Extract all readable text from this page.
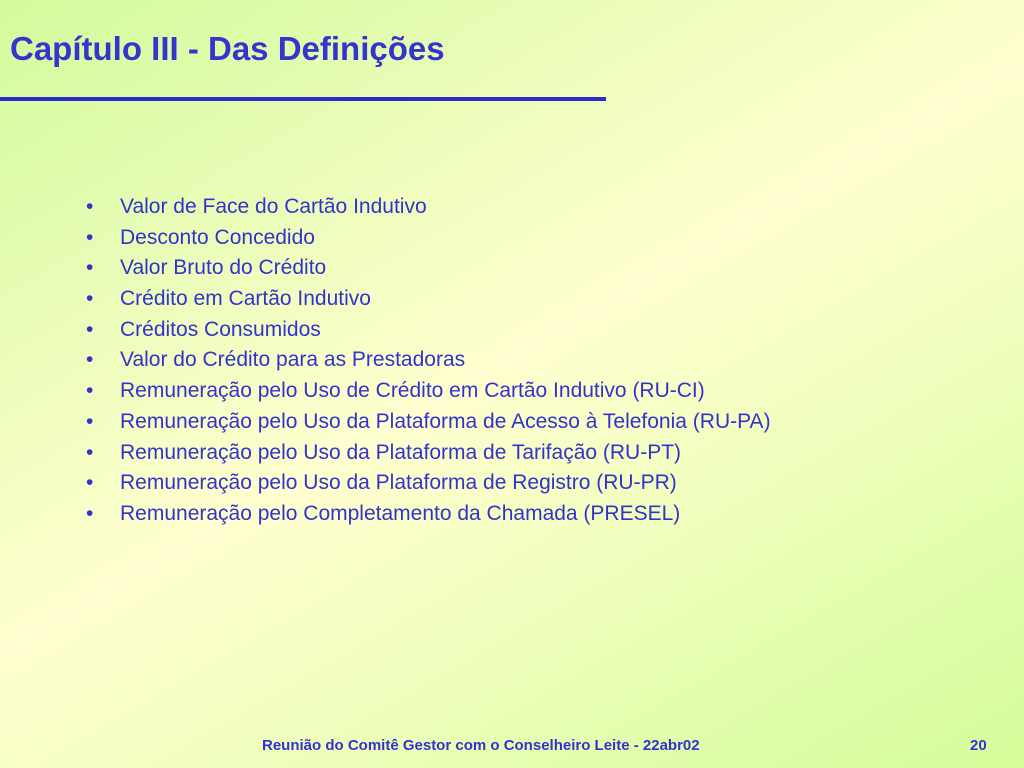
Capítulo III - Das Definições
•	Valor de Face do Cartão Indutivo
•	Desconto Concedido
•	Valor Bruto do Crédito
•	Crédito em Cartão Indutivo
•	Créditos Consumidos
•	Valor do Crédito para as Prestadoras
•	Remuneração pelo Uso de Crédito em Cartão Indutivo (RU-CI)
•	Remuneração pelo Uso da Plataforma de Acesso à Telefonia (RU-PA)
•	Remuneração pelo Uso da Plataforma de Tarifação (RU-PT)
•	Remuneração pelo Uso da Plataforma de Registro (RU-PR)
•	Remuneração pelo Completamento da Chamada (PRESEL)
Reunião do Comitê Gestor com o Conselheiro Leite - 22abr02	20
